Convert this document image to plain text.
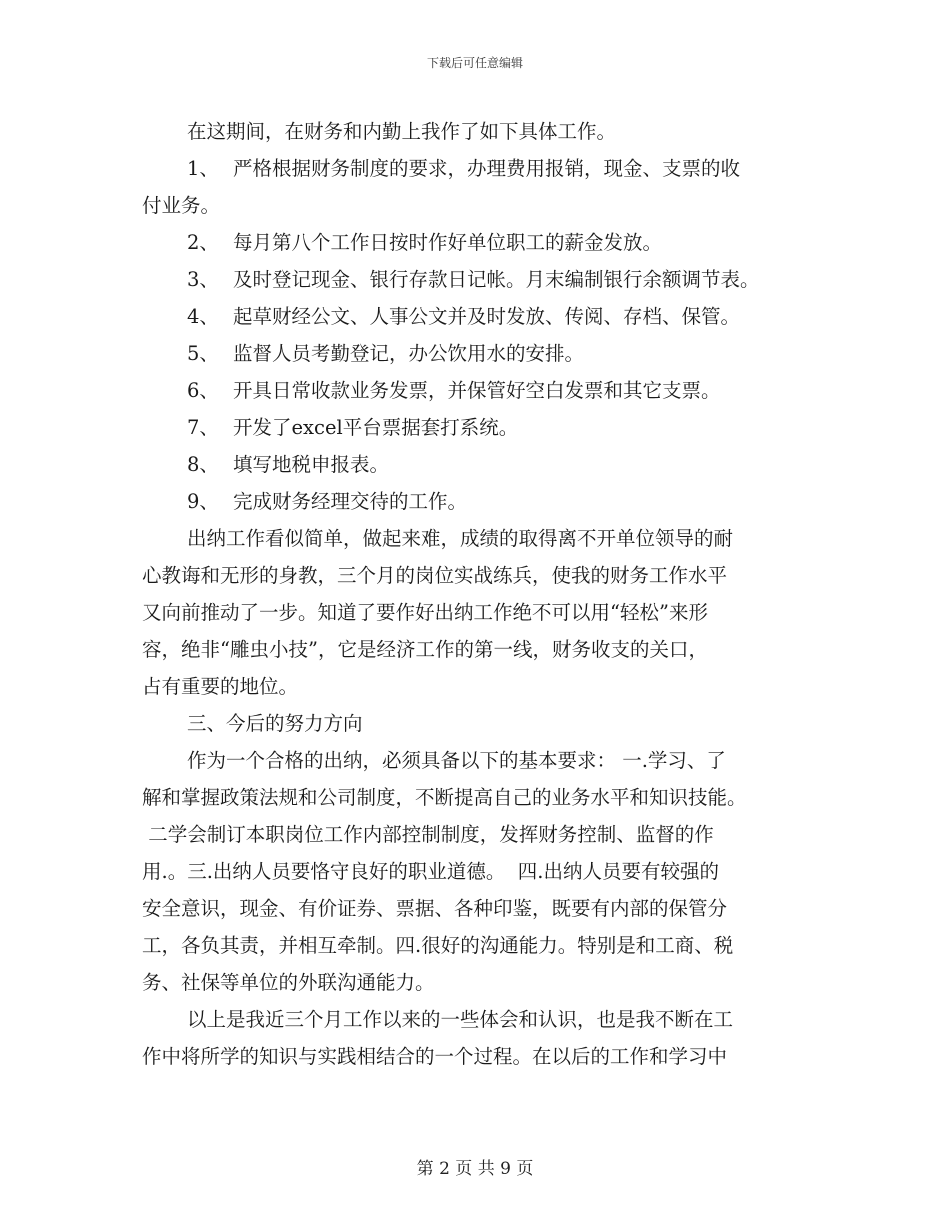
下载后可任意编辑
在这期间，在财务和内勤上我作了如下具体工作。
1、 严格根据财务制度的要求，办理费用报销，现金、支票的收
付业务。
2、 每月第八个工作日按时作好单位职工的薪金发放。
3、 及时登记现金、银行存款日记帐。月末编制银行余额调节表。
4、 起草财经公文、人事公文并及时发放、传阅、存档、保管。
5、 监督人员考勤登记，办公饮用水的安排。
6、 开具日常收款业务发票，并保管好空白发票和其它支票。
7、 开发了excel平台票据套打系统。
8、 填写地税申报表。
9、 完成财务经理交待的工作。
出纳工作看似简单，做起来难，成绩的取得离不开单位领导的耐
心教诲和无形的身教，三个月的岗位实战练兵，使我的财务工作水平
又向前推动了一步。知道了要作好出纳工作绝不可以用“轻松”来形
容，绝非“雕虫小技”，它是经济工作的第一线，财务收支的关口，
占有重要的地位。
三、今后的努力方向
作为一个合格的出纳，必须具备以下的基本要求： 一.学习、了
解和掌握政策法规和公司制度，不断提高自己的业务水平和知识技能。
二学会制订本职岗位工作内部控制制度，发挥财务控制、监督的作
用.。三.出纳人员要恪守良好的职业道德。  四.出纳人员要有较强的
安全意识，现金、有价证券、票据、各种印鉴，既要有内部的保管分
工，各负其责，并相互牵制。四.很好的沟通能力。特别是和工商、税
务、社保等单位的外联沟通能力。
以上是我近三个月工作以来的一些体会和认识，也是我不断在工
作中将所学的知识与实践相结合的一个过程。在以后的工作和学习中
第 2 页 共 9 页
